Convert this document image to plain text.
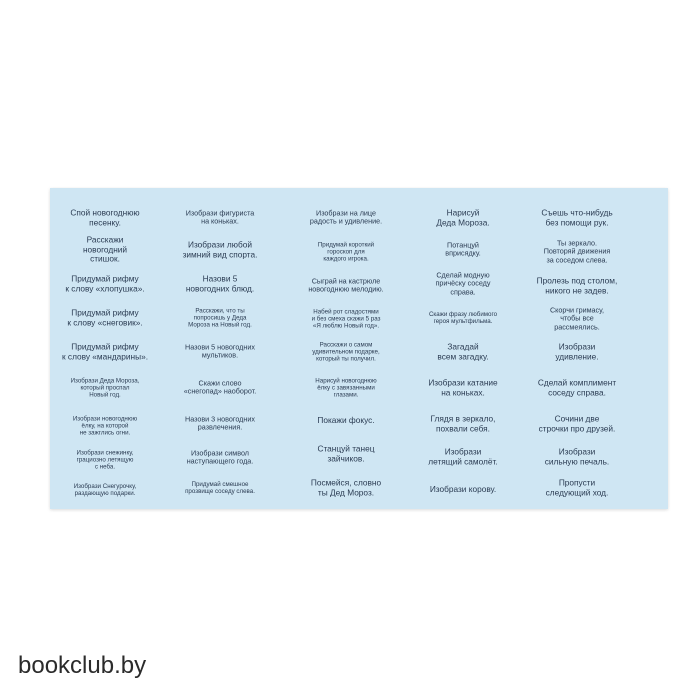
Спой новогоднюю
песенку.
Расскажи
новогодний
стишок.
Придумай рифму
к слову «хлопушка».
Придумай рифму
к слову «снеговик».
Придумай рифму
к слову «мандарины».
Изобрази Деда Мороза,
который проспал
Новый год.
Изобрази новогоднюю
ёлку, на которой
не зажглись огни.
Изобрази снежинку,
грациозно летящую
с неба.
Изобрази Снегурочку,
раздающую подарки.
Изобрази фигуриста
на коньках.
Изобрази любой
зимний вид спорта.
Назови 5
новогодних блюд.
Расскажи, что ты
попросишь у Деда
Мороза на Новый год.
Назови 5 новогодних
мультиков.
Скажи слово
«снегопад» наоборот.
Назови 3 новогодних
развлечения.
Изобрази символ
наступающего года.
Придумай смешное
прозвище соседу слева.
Изобрази на лице
радость и удивление.
Придумай короткий
гороскоп для
каждого игрока.
Сыграй на кастрюле
новогоднюю мелодию.
Набей рот сладостями
и без смеха скажи 5 раз
«Я люблю Новый год».
Расскажи о самом
удивительном подарке,
который ты получил.
Нарисуй новогоднюю
ёлку с завязанными
глазами.
Покажи фокус.
Станцуй танец
зайчиков.
Посмейся, словно
ты Дед Мороз.
Нарисуй
Деда Мороза.
Потанцуй
вприсядку.
Сделай модную
причёску соседу
справа.
Скажи фразу любимого
героя мультфильма.
Загадай
всем загадку.
Изобрази катание
на коньках.
Глядя в зеркало,
похвали себя.
Изобрази
летящий самолёт.
Изобрази корову.
Съешь что-нибудь
без помощи рук.
Ты зеркало.
Повторяй движения
за соседом слева.
Пролезь под столом,
никого не задев.
Скорчи гримасу,
чтобы все
рассмеялись.
Изобрази
удивление.
Сделай комплимент
соседу справа.
Сочини две
строчки про друзей.
Изобрази
сильную печаль.
Пропусти
следующий ход.
bookclub.by
